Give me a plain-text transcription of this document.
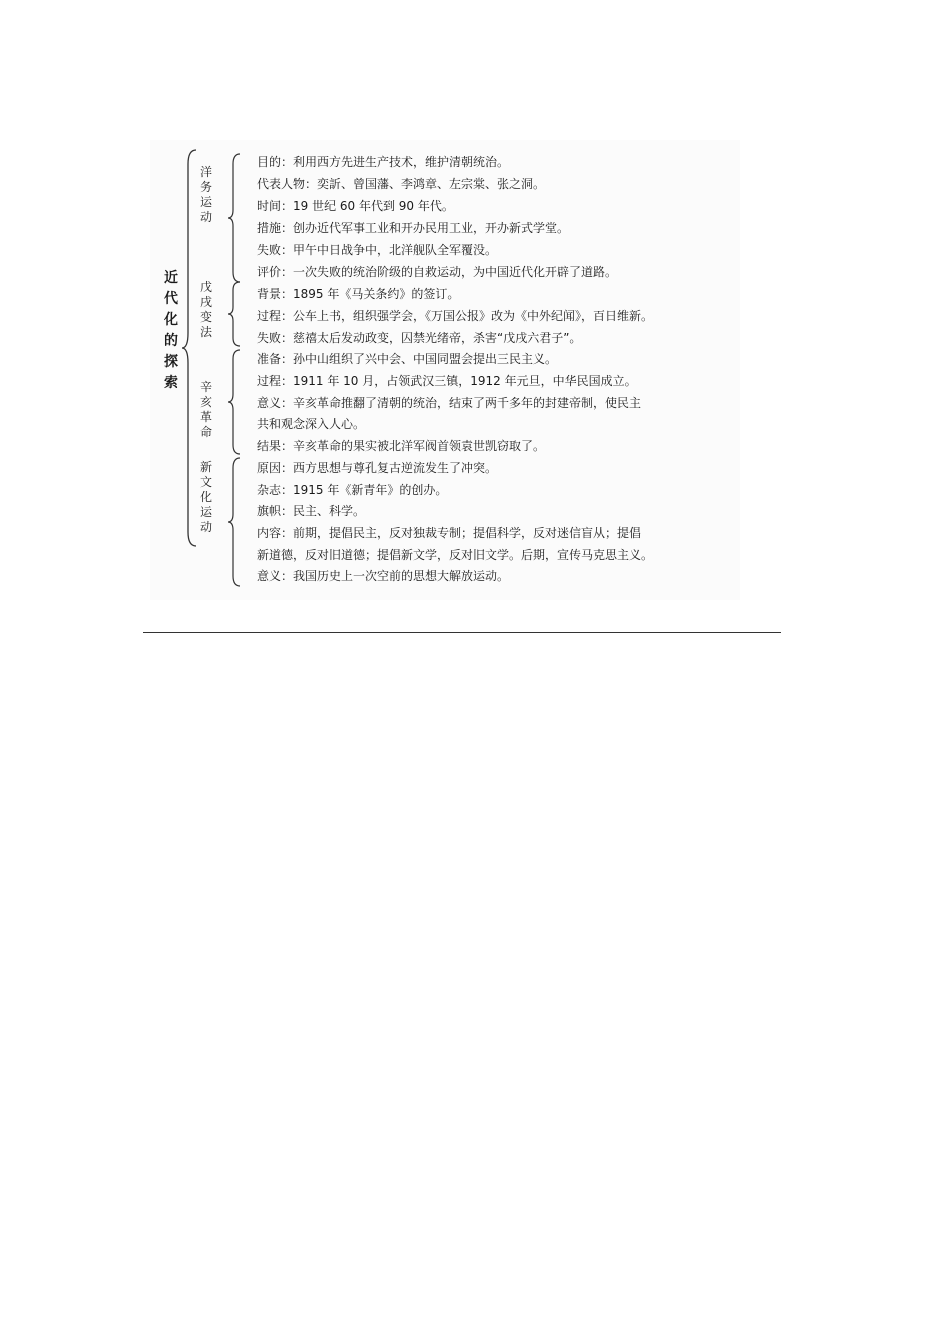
近代化的探索
洋务运动
戊戌变法
辛亥革命
新文化运动
目的：利用西方先进生产技术，维护清朝统治。
代表人物：奕訢、曾国藩、李鸿章、左宗棠、张之洞。
时间：19 世纪 60 年代到 90 年代。
措施：创办近代军事工业和开办民用工业，开办新式学堂。
失败：甲午中日战争中，北洋舰队全军覆没。
评价：一次失败的统治阶级的自救运动，为中国近代化开辟了道路。
背景：1895 年《马关条约》的签订。
过程：公车上书，组织强学会，《万国公报》改为《中外纪闻》，百日维新。
失败：慈禧太后发动政变，囚禁光绪帝，杀害“戊戌六君子”。
准备：孙中山组织了兴中会、中国同盟会提出三民主义。
过程：1911 年 10 月，占领武汉三镇，1912 年元旦，中华民国成立。
意义：辛亥革命推翻了清朝的统治，结束了两千多年的封建帝制，使民主
共和观念深入人心。
结果：辛亥革命的果实被北洋军阀首领袁世凯窃取了。
原因：西方思想与尊孔复古逆流发生了冲突。
杂志：1915 年《新青年》的创办。
旗帜：民主、科学。
内容：前期，提倡民主，反对独裁专制；提倡科学，反对迷信盲从；提倡
新道德，反对旧道德；提倡新文学，反对旧文学。后期，宣传马克思主义。
意义：我国历史上一次空前的思想大解放运动。
